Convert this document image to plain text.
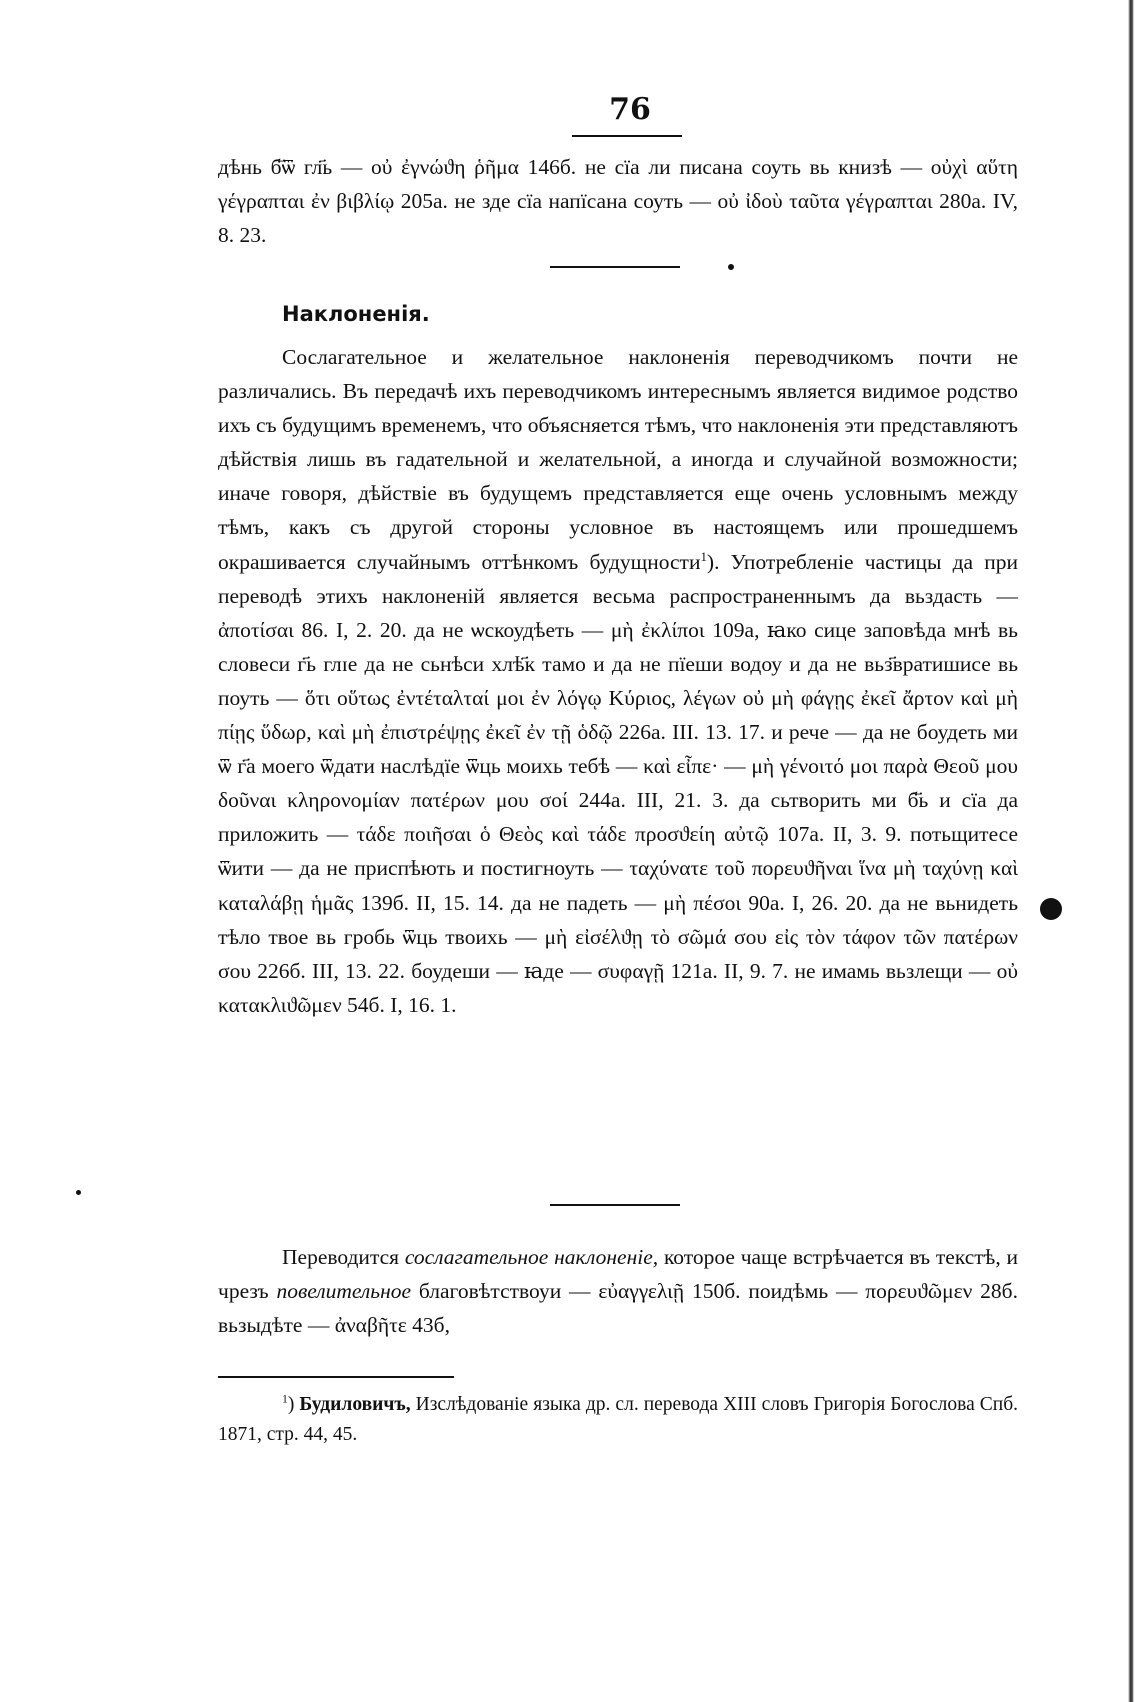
76

дѣнь б҃ѿ гл҃ь — οὐ ἐγνώϑη ῥῆμα 146б. не сїа ли писана соуть вь книзѣ — οὐχὶ αὕτη γέγραπται ἐν βιβλίῳ 205а. не зде сїа напїсана соуть — οὐ ἰδοὺ ταῦτα γέγραπται 280а. IV, 8. 23.

Наклоненія.

Сослагательное и желательное наклоненія переводчикомъ почти не различались. Въ передачѣ ихъ переводчикомъ интереснымъ является видимое родство ихъ съ будущимъ временемъ, что объясняется тѣмъ, что наклоненія эти представляютъ дѣйствія лишь въ гадательной и желательной, а иногда и случайной возможности; иначе говоря, дѣйствіе въ будущемъ представляется еще очень условнымъ между тѣмъ, какъ съ другой стороны условное въ настоящемъ или прошедшемъ окрашивается случайнымъ оттѣнкомъ будущности$^1$). Употребленіе частицы да при переводѣ этихъ наклоненій является весьма распространеннымъ да вьздасть — ἀποτίσαι 86. I, 2. 20. да не ѡскоудѣеть — μὴ ἐκλίποι 109а, ꙗко сице заповѣда мнѣ вь словеси г҃ь глɪе да не сьнѣси хлѣ҃к тамо и да не пїеши водоу и да не вьз҃вратишисе вь поуть — ὅτι οὕτως ἐντέταλταί μοι ἐν λόγῳ Κύριος, λέγων οὐ μὴ φάγῃς ἐκεῖ ἄρτον καὶ μὴ πίῃς ὕδωρ, καὶ μὴ ἐπιστρέψῃς ἐκεῖ ἐν τῇ ὁδῷ 226а. III. 13. 17. и рече — да не боудеть ми ѿ г҃а моего ѿдати наслѣдїе ѿць моихь тебѣ — καὶ εἶπε· — μὴ γένοιτό μοι παρὰ Θεοῦ μου δοῦναι κληρονομίαν πατέρων μου σοί 244а. III, 21. 3. да сьтворить ми б҃ь и сїа да приложить — τάδε ποιῆσαι ὁ Θεὸς καὶ τάδε προσϑείη αὐτῷ 107а. II, 3. 9. потьщитесе ѿити — да не приспѣють и постигноуть — ταχύνατε τοῦ πορευϑῆναι ἵνα μὴ ταχύνῃ καὶ καταλάβῃ ἡμᾶς 139б. II, 15. 14. да не падеть — μὴ πέσοι 90а. I, 26. 20. да не вьнидеть тѣло твое вь гробь ѿць твоихь — μὴ εἰσέλϑῃ τὸ σῶμά σου εἰς τὸν τάφον τῶν πατέρων σου 226б. III, 13. 22. боудеши — ꙗде — συφαγῇ 121а. II, 9. 7. не имамь вьзлещи — οὐ κατακλιϑῶμεν 54б. I, 16. 1.

Переводится сослагательное наклоненіе, которое чаще встрѣчается въ текстѣ, и чрезъ повелительное благовѣтствоуи — εὐαγγελιῇ 150б. поидѣмь — πορευϑῶμεν 28б. вьзыдѣте — ἀναβῆτε 43б,

$^1$) Будиловичъ, Изслѣдованіе языка др. сл. перевода XIII словъ Григорія Богослова Спб. 1871, стр. 44, 45.
